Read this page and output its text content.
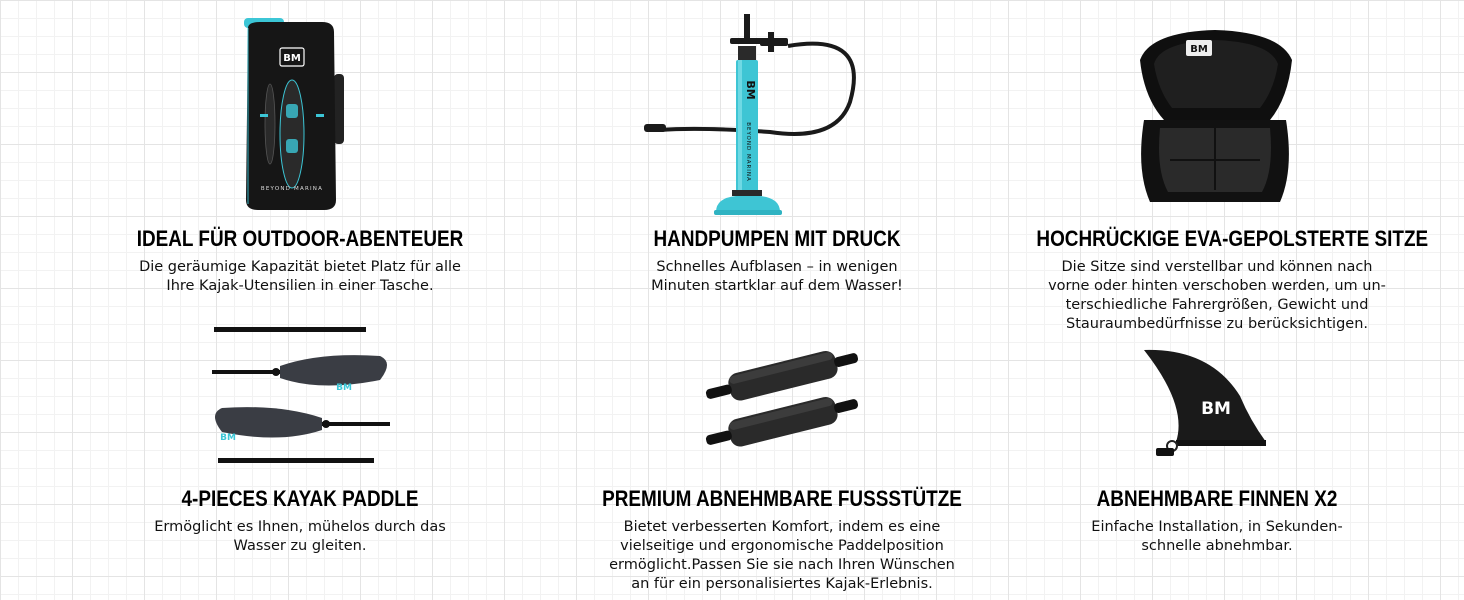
BM
BEYOND MARINA
BM
BEYOND MARINA
BM
BM
BM
BM
IDEAL FÜR OUTDOOR-ABENTEUER

Die geräumige Kapazität bietet Platz für alle

Ihre Kajak-Utensilien in einer Tasche.

HANDPUMPEN MIT DRUCK

Schnelles Aufblasen – in wenigen

Minuten startklar auf dem Wasser!

HOCHRÜCKIGE EVA-GEPOLSTERTE SITZE

Die Sitze sind verstellbar und können nach

vorne oder hinten verschoben werden, um un-

terschiedliche Fahrergrößen, Gewicht und

Stauraumbedürfnisse zu berücksichtigen.

4-PIECES KAYAK PADDLE

Ermöglicht es Ihnen, mühelos durch das

Wasser zu gleiten.

PREMIUM ABNEHMBARE FUSSSTÜTZE

Bietet verbesserten Komfort, indem es eine

vielseitige und ergonomische Paddelposition

ermöglicht.Passen Sie sie nach Ihren Wünschen

an für ein personalisiertes Kajak-Erlebnis.

ABNEHMBARE FINNEN X2

Einfache Installation, in Sekunden-

schnelle abnehmbar.
